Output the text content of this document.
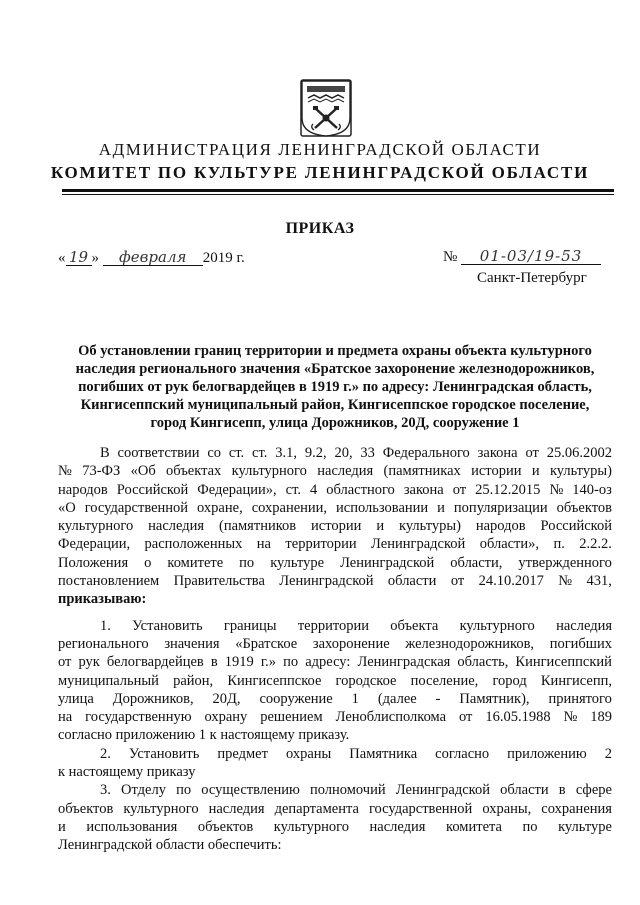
АДМИНИСТРАЦИЯ ЛЕНИНГРАДСКОЙ ОБЛАСТИ
КОМИТЕТ ПО КУЛЬТУРЕ ЛЕНИНГРАДСКОЙ ОБЛАСТИ
ПРИКАЗ
« 19 » февраля 2019 г.	№ 01-03/19-53
Санкт-Петербург
Об установлении границ территории и предмета охраны объекта культурного
наследия регионального значения «Братское захоронение железнодорожников,
погибших от рук белогвардейцев в 1919 г.» по адресу: Ленинградская область,
Кингисеппский муниципальный район, Кингисеппское городское поселение,
город Кингисепп, улица Дорожников, 20Д, сооружение 1
В соответствии со ст. ст. 3.1, 9.2, 20, 33 Федерального закона от 25.06.2002
№ 73-ФЗ «Об объектах культурного наследия (памятниках истории и культуры)
народов Российской Федерации», ст. 4 областного закона от 25.12.2015 № 140-оз
«О государственной охране, сохранении, использовании и популяризации объектов
культурного наследия (памятников истории и культуры) народов Российской
Федерации, расположенных на территории Ленинградской области», п. 2.2.2.
Положения о комитете по культуре Ленинградской области, утвержденного
постановлением Правительства Ленинградской области от 24.10.2017 № 431,
приказываю:
1. Установить границы территории объекта культурного наследия
регионального значения «Братское захоронение железнодорожников, погибших
от рук белогвардейцев в 1919 г.» по адресу: Ленинградская область, Кингисеппский
муниципальный район, Кингисеппское городское поселение, город Кингисепп,
улица Дорожников, 20Д, сооружение 1 (далее - Памятник), принятого
на государственную охрану решением Леноблисполкома от 16.05.1988 № 189
согласно приложению 1 к настоящему приказу.
2. Установить предмет охраны Памятника согласно приложению 2
к настоящему приказу
3. Отделу по осуществлению полномочий Ленинградской области в сфере
объектов культурного наследия департамента государственной охраны, сохранения
и использования объектов культурного наследия комитета по культуре
Ленинградской области обеспечить:
